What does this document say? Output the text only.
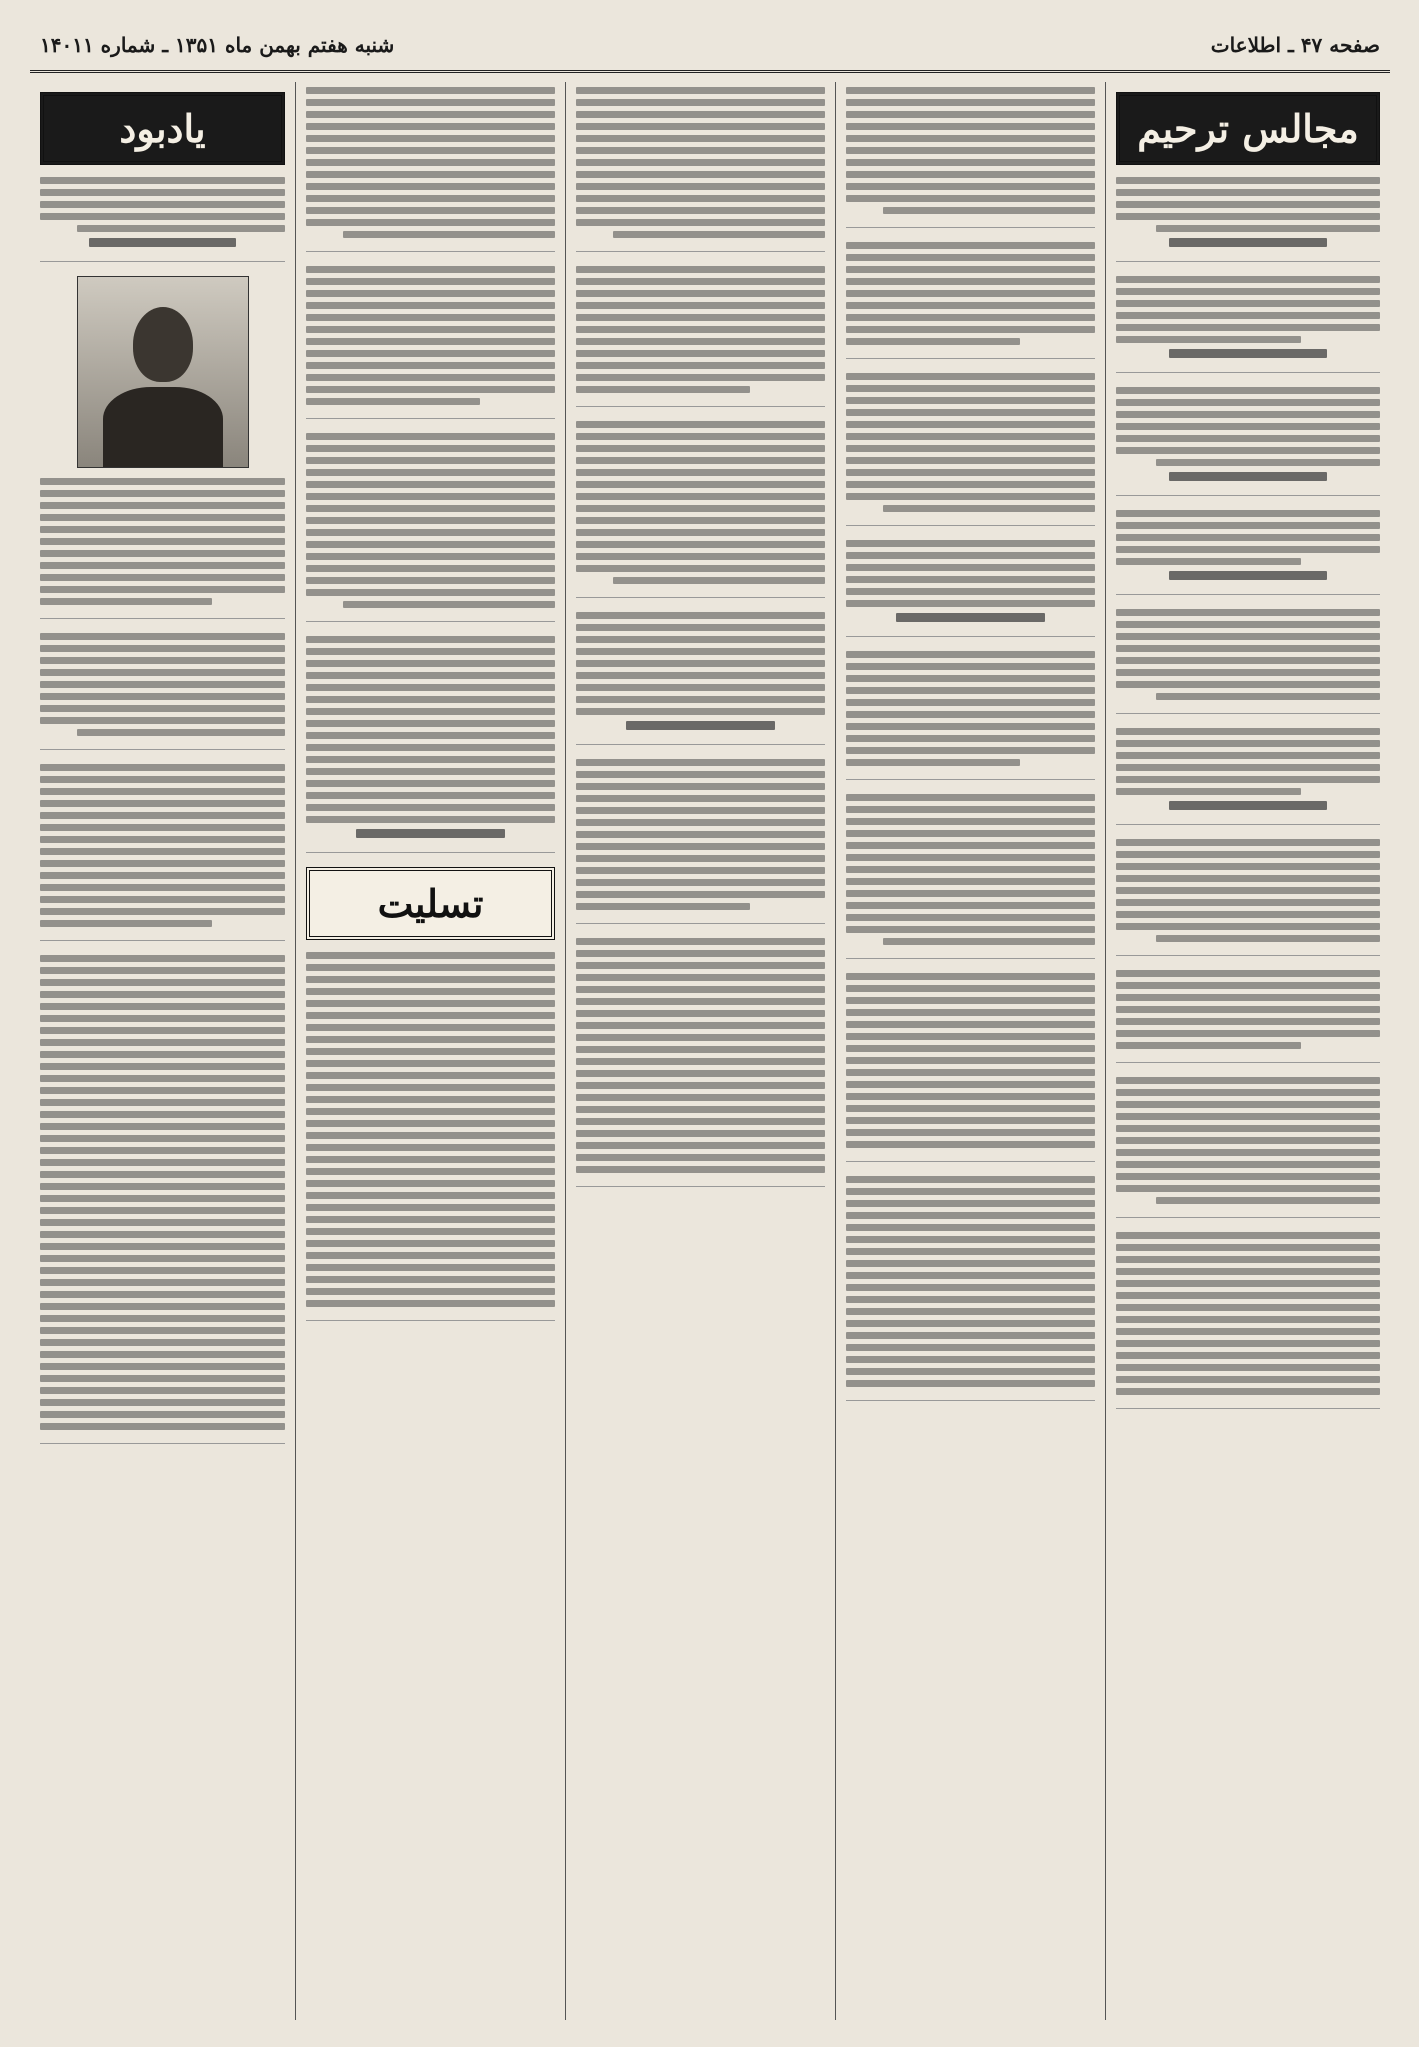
صفحه ۴۷ ـ اطلاعات
شنبه هفتم بهمن ماه ۱۳۵۱ ـ شماره ۱۴۰۱۱
مجالس ترحیم
تسلیت
یادبود
